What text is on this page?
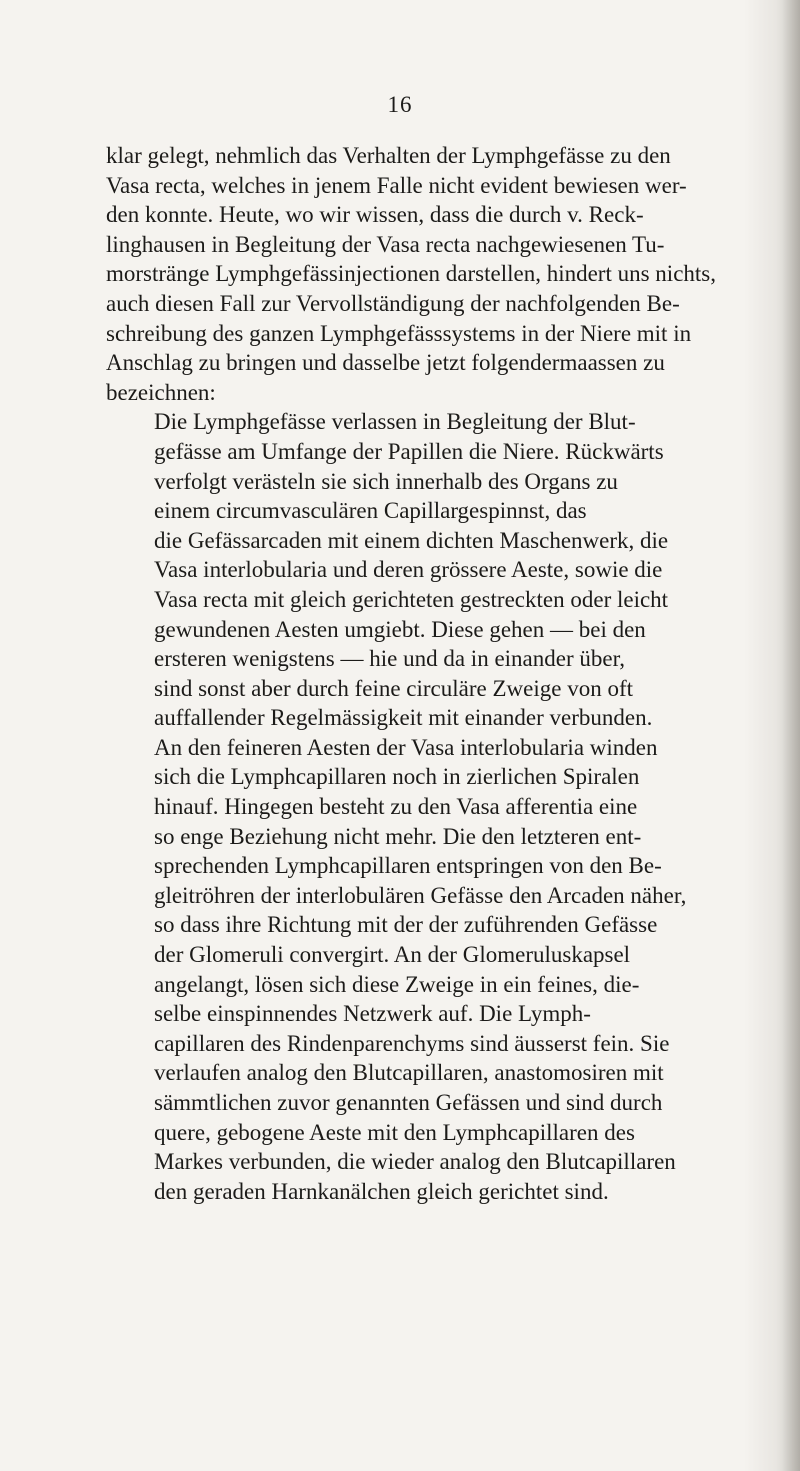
16

klar gelegt, nehmlich das Verhalten der Lymphgefässe zu den
Vasa recta, welches in jenem Falle nicht evident bewiesen wer-
den konnte. Heute, wo wir wissen, dass die durch v. Reck-
linghausen in Begleitung der Vasa recta nachgewiesenen Tu-
morstränge Lymphgefässinjectionen darstellen, hindert uns nichts,
auch diesen Fall zur Vervollständigung der nachfolgenden Be-
schreibung des ganzen Lymphgefässsystems in der Niere mit in
Anschlag zu bringen und dasselbe jetzt folgendermaassen zu
bezeichnen:

Die Lymphgefässe verlassen in Begleitung der Blut-
gefässe am Umfange der Papillen die Niere. Rückwärts
verfolgt verästeln sie sich innerhalb des Organs zu
einem circumvasculären Capillargespinnst, das
die Gefässarcaden mit einem dichten Maschenwerk, die
Vasa interlobularia und deren grössere Aeste, sowie die
Vasa recta mit gleich gerichteten gestreckten oder leicht
gewundenen Aesten umgiebt. Diese gehen — bei den
ersteren wenigstens — hie und da in einander über,
sind sonst aber durch feine circuläre Zweige von oft
auffallender Regelmässigkeit mit einander verbunden.
An den feineren Aesten der Vasa interlobularia winden
sich die Lymphcapillaren noch in zierlichen Spiralen
hinauf. Hingegen besteht zu den Vasa afferentia eine
so enge Beziehung nicht mehr. Die den letzteren ent-
sprechenden Lymphcapillaren entspringen von den Be-
gleitröhren der interlobulären Gefässe den Arcaden näher,
so dass ihre Richtung mit der der zuführenden Gefässe
der Glomeruli convergirt. An der Glomeruluskapsel
angelangt, lösen sich diese Zweige in ein feines, die-
selbe einspinnendes Netzwerk auf. Die Lymph-
capillaren des Rindenparenchyms sind äusserst fein. Sie
verlaufen analog den Blutcapillaren, anastomosiren mit
sämmtlichen zuvor genannten Gefässen und sind durch
quere, gebogene Aeste mit den Lymphcapillaren des
Markes verbunden, die wieder analog den Blutcapillaren
den geraden Harnkanälchen gleich gerichtet sind.
